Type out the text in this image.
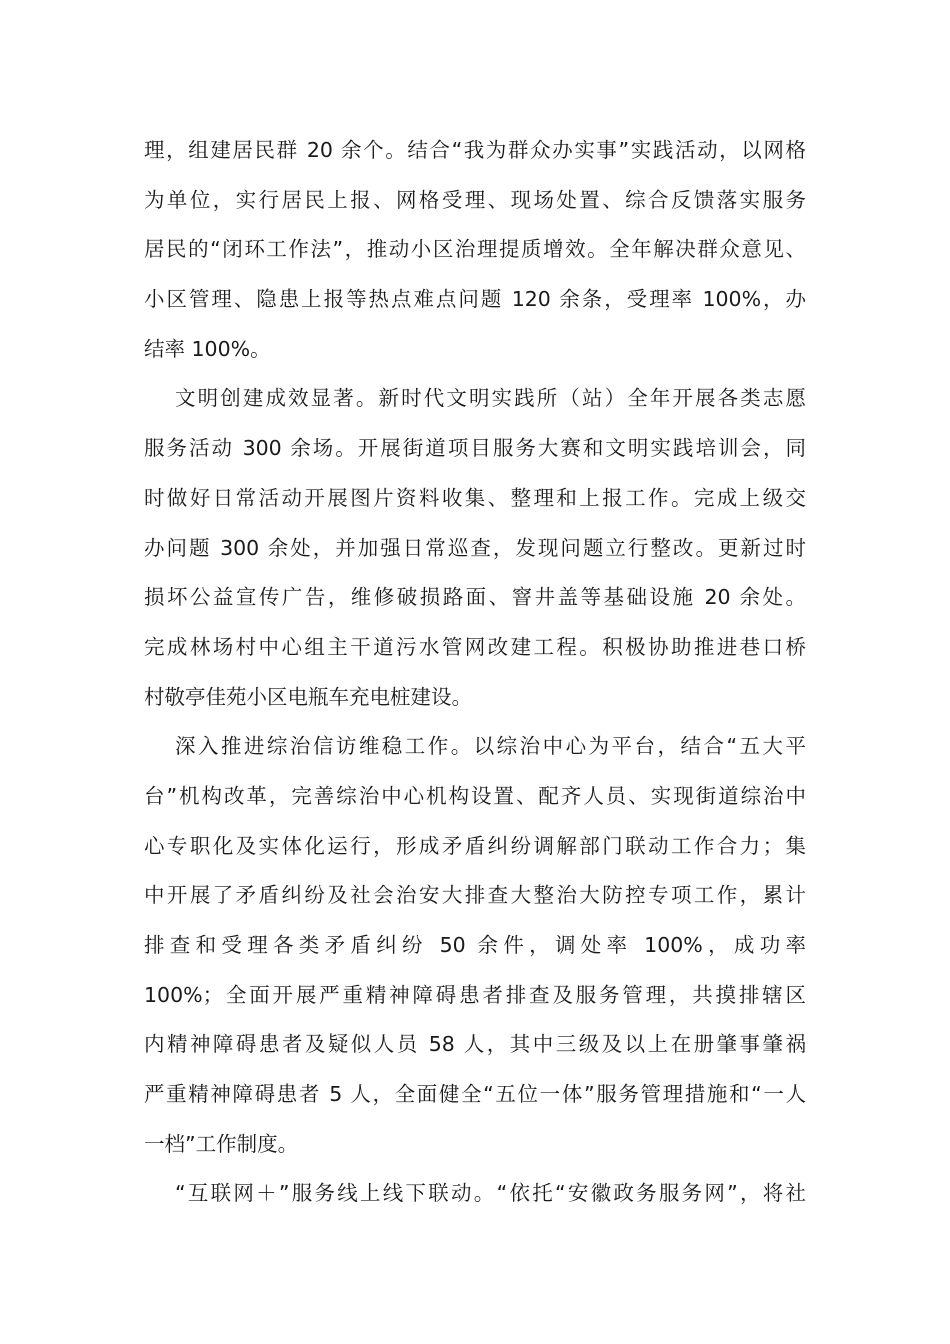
理，组建居民群 20 余个。结合“我为群众办实事”实践活动，以网格
为单位，实行居民上报、网格受理、现场处置、综合反馈落实服务
居民的“闭环工作法”，推动小区治理提质增效。全年解决群众意见、
小区管理、隐患上报等热点难点问题 120 余条，受理率 100%，办
结率 100%。
文明创建成效显著。新时代文明实践所（站）全年开展各类志愿
服务活动 300 余场。开展街道项目服务大赛和文明实践培训会，同
时做好日常活动开展图片资料收集、整理和上报工作。完成上级交
办问题 300 余处，并加强日常巡查，发现问题立行整改。更新过时
损坏公益宣传广告，维修破损路面、窨井盖等基础设施 20 余处。
完成林场村中心组主干道污水管网改建工程。积极协助推进巷口桥
村敬亭佳苑小区电瓶车充电桩建设。
深入推进综治信访维稳工作。以综治中心为平台，结合“五大平
台”机构改革，完善综治中心机构设置、配齐人员、实现街道综治中
心专职化及实体化运行，形成矛盾纠纷调解部门联动工作合力；集
中开展了矛盾纠纷及社会治安大排查大整治大防控专项工作，累计
排查和受理各类矛盾纠纷 50 余件，调处率 100%，成功率
100%；全面开展严重精神障碍患者排查及服务管理，共摸排辖区
内精神障碍患者及疑似人员 58 人，其中三级及以上在册肇事肇祸
严重精神障碍患者 5 人，全面健全“五位一体”服务管理措施和“一人
一档”工作制度。
“互联网＋”服务线上线下联动。“依托“安徽政务服务网”，将社
